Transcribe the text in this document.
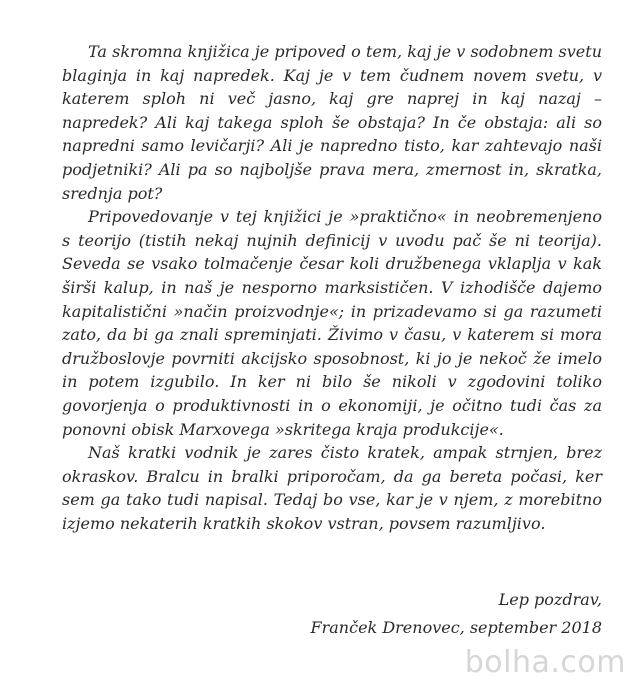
Ta skromna knjižica je pripoved o tem, kaj je v sodobnem svetu blaginja in kaj napredek. Kaj je v tem čudnem novem svetu, v katerem sploh ni več jasno, kaj gre naprej in kaj nazaj – napredek? Ali kaj takega sploh še obstaja? In če obstaja: ali so napredni samo levičarji? Ali je napredno tisto, kar zahtevajo naši podjetniki? Ali pa so najboljše prava mera, zmernost in, skratka, srednja pot?

Pripovedovanje v tej knjižici je »praktično« in neobremenjeno s teorijo (tistih nekaj nujnih definicij v uvodu pač še ni teorija). Seveda se vsako tolmačenje česar koli družbenega vklaplja v kak širši kalup, in naš je nesporno marksističen. V izhodišče dajemo kapitalistični »način proizvodnje«; in prizadevamo si ga razumeti zato, da bi ga znali spreminjati. Živimo v času, v katerem si mora družboslovje povrniti akcijsko sposobnost, ki jo je nekoč že imelo in potem izgubilo. In ker ni bilo še nikoli v zgodovini toliko govorjenja o produktivnosti in o ekonomiji, je očitno tudi čas za ponovni obisk Marxovega »skritega kraja produkcije«.

Naš kratki vodnik je zares čisto kratek, ampak strnjen, brez okraskov. Bralcu in bralki priporočam, da ga bereta počasi, ker sem ga tako tudi napisal. Tedaj bo vse, kar je v njem, z morebitno izjemo nekaterih kratkih skokov vstran, povsem razumljivo.

Lep pozdrav,
Franček Drenovec, september 2018
bolha.com
